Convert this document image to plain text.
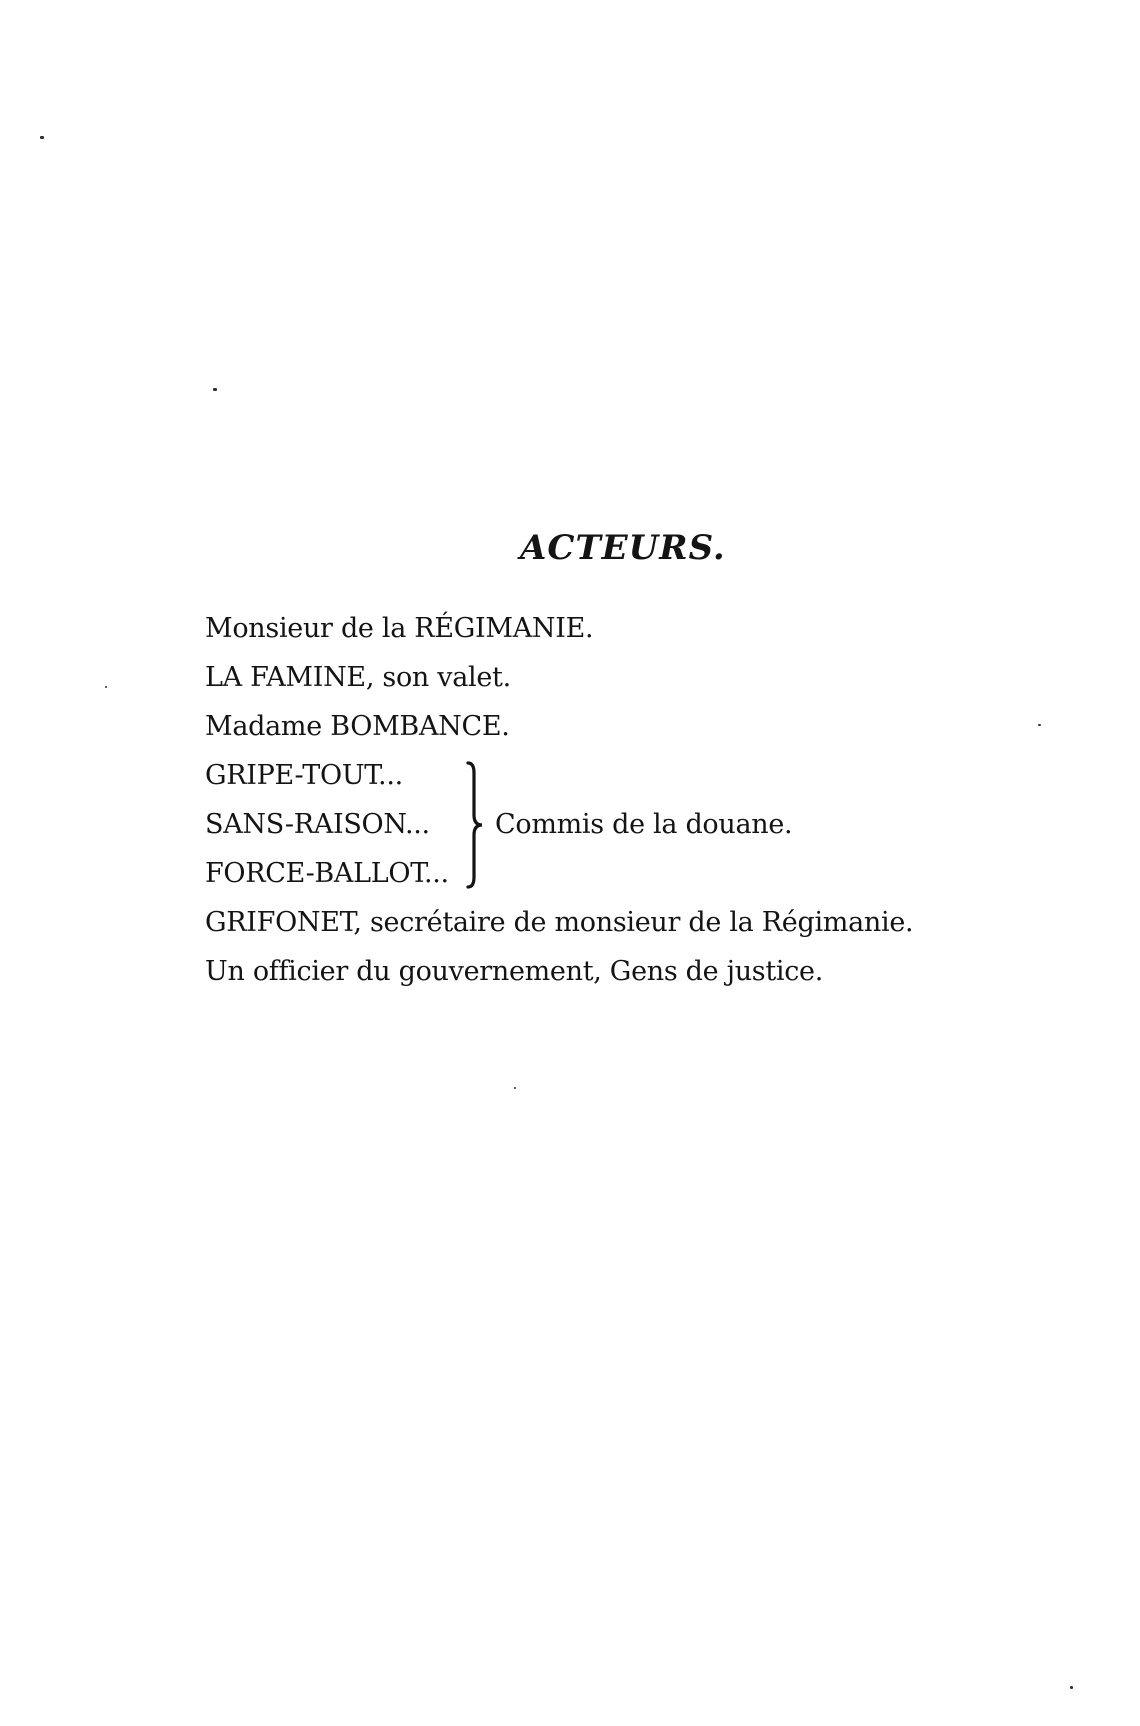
ACTEURS.
Monsieur de la RÉGIMANIE.
LA FAMINE, son valet.
Madame BOMBANCE.
GRIPE-TOUT...
SANS-RAISON...
FORCE-BALLOT...
Commis de la douane.
GRIFONET, secrétaire de monsieur de la Régimanie.
Un officier du gouvernement, Gens de justice.
